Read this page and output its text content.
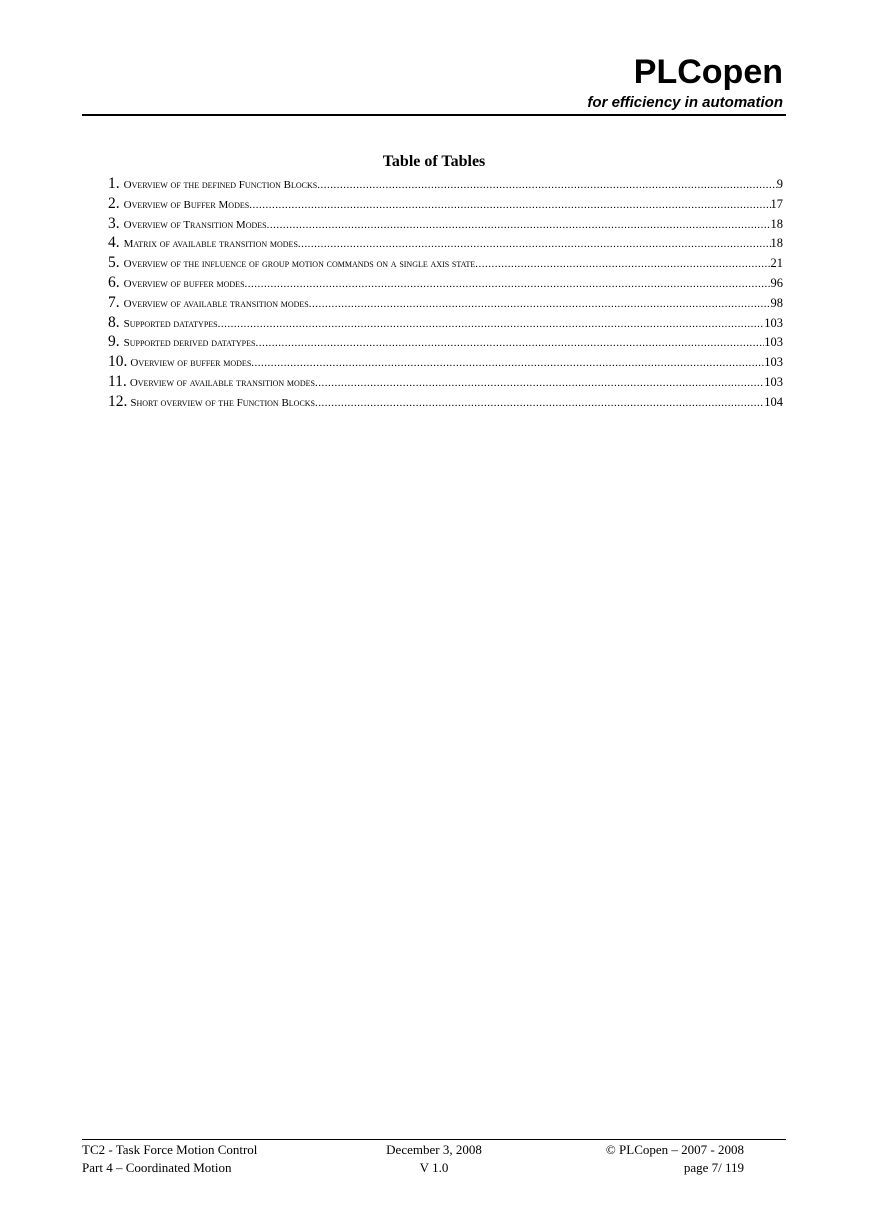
PLCopen
for efficiency in automation
Table of Tables
1. Overview of the defined Function Blocks .....	9
2. Overview of Buffer Modes .....	17
3. Overview of Transition Modes .....	18
4. Matrix of available transition modes .....	18
5. Overview of the influence of group motion commands on a single axis state .....	21
6. Overview of buffer modes .....	96
7. Overview of available transition modes .....	98
8. Supported datatypes .....	103
9. Supported derived datatypes .....	103
10. Overview of buffer modes .....	103
11. Overview of available transition modes .....	103
12. Short overview of the Function Blocks .....	104
TC2 - Task Force Motion Control
Part 4 – Coordinated Motion
December 3, 2008
V 1.0
© PLCopen – 2007 - 2008
page 7/ 119
